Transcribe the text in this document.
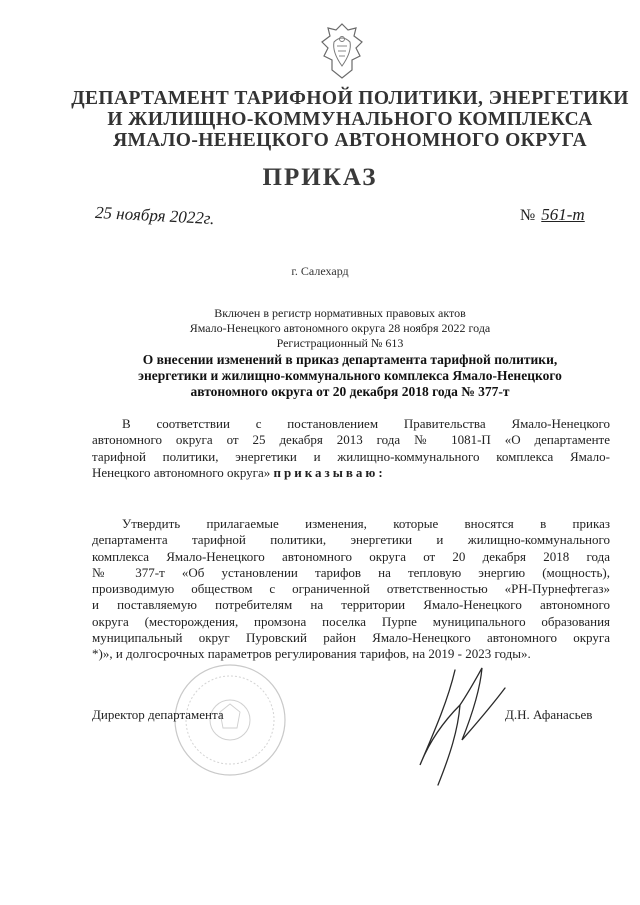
ДЕПАРТАМЕНТ ТАРИФНОЙ ПОЛИТИКИ, ЭНЕРГЕТИКИ
И ЖИЛИЩНО-КОММУНАЛЬНОГО КОМПЛЕКСА
ЯМАЛО-НЕНЕЦКОГО АВТОНОМНОГО ОКРУГА
ПРИКАЗ
25 ноября 2022г.	№ 561-т
г. Салехард
Включен в регистр нормативных правовых актов
Ямало-Ненецкого автономного округа 28 ноября 2022 года
Регистрационный № 613
О внесении изменений в приказ департамента тарифной политики,
энергетики и жилищно-коммунального комплекса Ямало-Ненецкого
автономного округа от 20 декабря 2018 года № 377-т
В соответствии с постановлением Правительства Ямало-Ненецкого
автономного округа от 25 декабря 2013 года № 1081-П «О департаменте
тарифной политики, энергетики и жилищно-коммунального комплекса Ямало-
Ненецкого автономного округа» приказываю:
Утвердить прилагаемые изменения, которые вносятся в приказ
департамента тарифной политики, энергетики и жилищно-коммунального
комплекса Ямало-Ненецкого автономного округа от 20 декабря 2018 года
№ 377-т «Об установлении тарифов на тепловую энергию (мощность),
производимую обществом с ограниченной ответственностью «РН-Пурнефтегаз»
и поставляемую потребителям на территории Ямало-Ненецкого автономного
округа (месторождения, промзона поселка Пурпе муниципального образования
муниципальный округ Пуровский район Ямало-Ненецкого автономного округа
*)», и долгосрочных параметров регулирования тарифов, на 2019 - 2023 годы».
Директор департамента	Д.Н. Афанасьев
